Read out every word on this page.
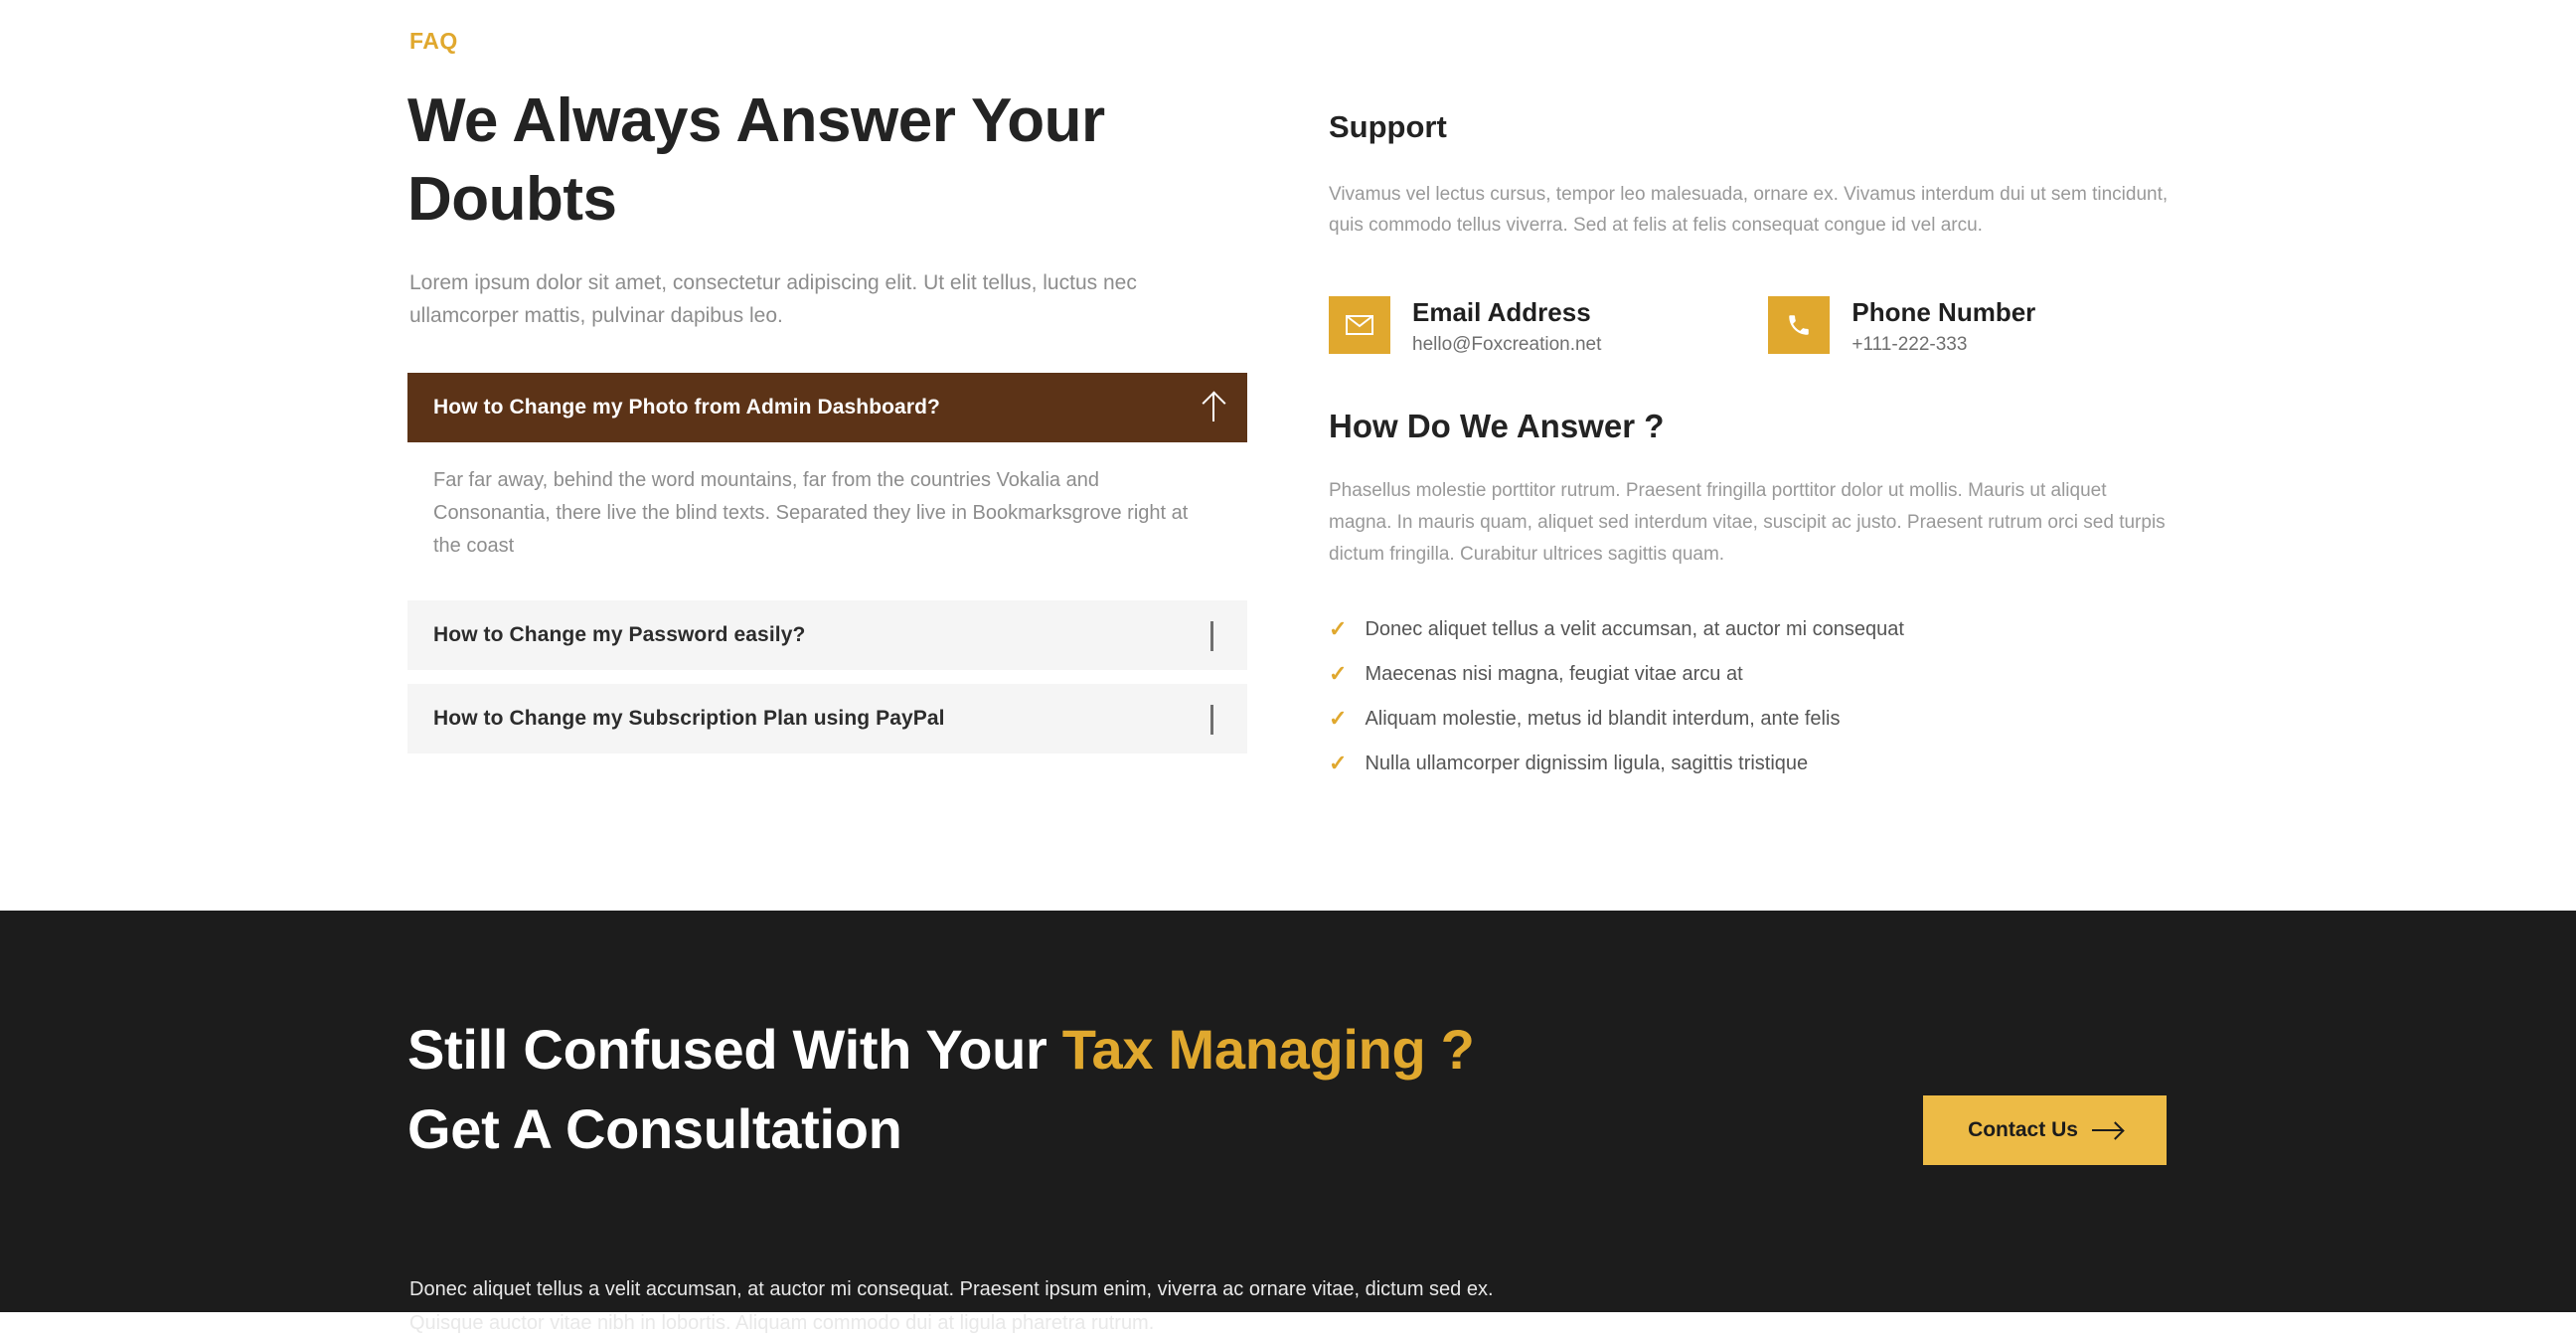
FAQ
We Always Answer Your Doubts

Lorem ipsum dolor sit amet, consectetur adipiscing elit. Ut elit tellus, luctus nec ullamcorper mattis, pulvinar dapibus leo.

How to Change my Photo from Admin Dashboard?
Far far away, behind the word mountains, far from the countries Vokalia and Consonantia, there live the blind texts. Separated they live in Bookmarksgrove right at the coast
How to Change my Password easily?
How to Change my Subscription Plan using PayPal
Support

Vivamus vel lectus cursus, tempor leo malesuada, ornare ex. Vivamus interdum dui ut sem tincidunt, quis commodo tellus viverra. Sed at felis at felis consequat congue id vel arcu.

Email Address
hello@Foxcreation.net
Phone Number
+111-222-333
How Do We Answer ?

Phasellus molestie porttitor rutrum. Praesent fringilla porttitor dolor ut mollis. Mauris ut aliquet magna. In mauris quam, aliquet sed interdum vitae, suscipit ac justo. Praesent rutrum orci sed turpis dictum fringilla. Curabitur ultrices sagittis quam.

✓ Donec aliquet tellus a velit accumsan, at auctor mi consequat
✓ Maecenas nisi magna, feugiat vitae arcu at
✓ Aliquam molestie, metus id blandit interdum, ante felis
✓ Nulla ullamcorper dignissim ligula, sagittis tristique
Still Confused With Your Tax Managing ?
Get A Consultation
Donec aliquet tellus a velit accumsan, at auctor mi consequat. Praesent ipsum enim, viverra ac ornare vitae, dictum sed ex.
Quisque auctor vitae nibh in lobortis. Aliquam commodo dui at ligula pharetra rutrum.
Contact Us
